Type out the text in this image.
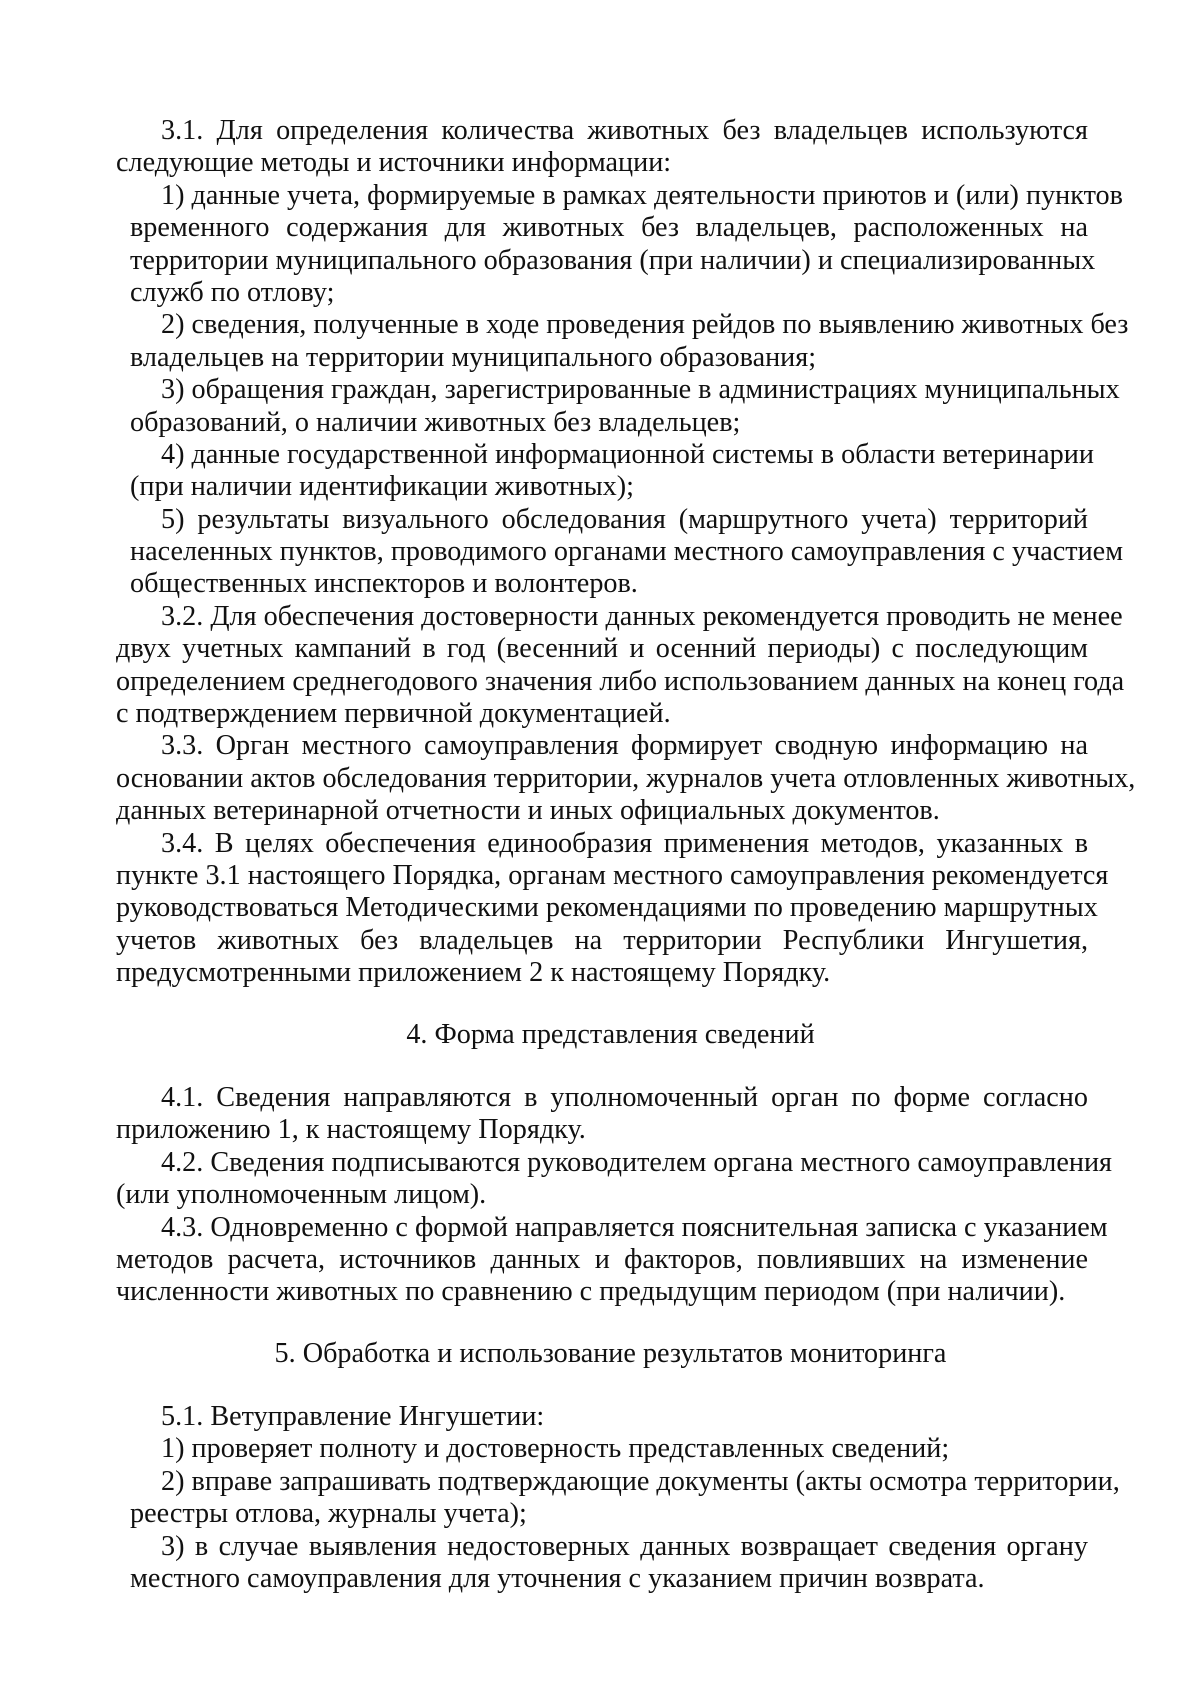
3.1. Для определения количества животных без владельцев используются
следующие методы и источники информации:
1) данные учета, формируемые в рамках деятельности приютов и (или) пунктов
временного содержания для животных без владельцев, расположенных на
территории муниципального образования (при наличии) и специализированных
служб по отлову;
2) сведения, полученные в ходе проведения рейдов по выявлению животных без
владельцев на территории муниципального образования;
3) обращения граждан, зарегистрированные в администрациях муниципальных
образований, о наличии животных без владельцев;
4) данные государственной информационной системы в области ветеринарии
(при наличии идентификации животных);
5) результаты визуального обследования (маршрутного учета) территорий
населенных пунктов, проводимого органами местного самоуправления с участием
общественных инспекторов и волонтеров.
3.2. Для обеспечения достоверности данных рекомендуется проводить не менее
двух учетных кампаний в год (весенний и осенний периоды) с последующим
определением среднегодового значения либо использованием данных на конец года
с подтверждением первичной документацией.
3.3. Орган местного самоуправления формирует сводную информацию на
основании актов обследования территории, журналов учета отловленных животных,
данных ветеринарной отчетности и иных официальных документов.
3.4. В целях обеспечения единообразия применения методов, указанных в
пункте 3.1 настоящего Порядка, органам местного самоуправления рекомендуется
руководствоваться Методическими рекомендациями по проведению маршрутных
учетов животных без владельцев на территории Республики Ингушетия,
предусмотренными приложением 2 к настоящему Порядку.
4. Форма представления сведений
4.1. Сведения направляются в уполномоченный орган по форме согласно
приложению 1, к настоящему Порядку.
4.2. Сведения подписываются руководителем органа местного самоуправления
(или уполномоченным лицом).
4.3. Одновременно с формой направляется пояснительная записка с указанием
методов расчета, источников данных и факторов, повлиявших на изменение
численности животных по сравнению с предыдущим периодом (при наличии).
5. Обработка и использование результатов мониторинга
5.1. Ветуправление Ингушетии:
1) проверяет полноту и достоверность представленных сведений;
2) вправе запрашивать подтверждающие документы (акты осмотра территории,
реестры отлова, журналы учета);
3) в случае выявления недостоверных данных возвращает сведения органу
местного самоуправления для уточнения с указанием причин возврата.
